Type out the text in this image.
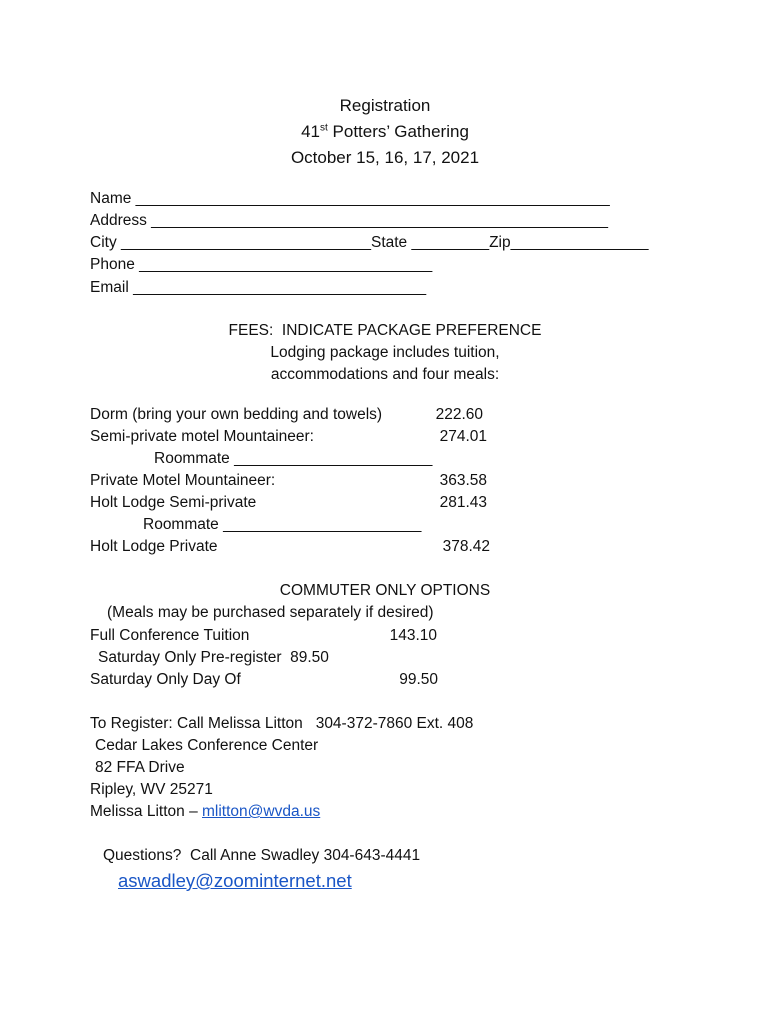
Registration
41st Potters’ Gathering
October 15, 16, 17, 2021
Name _______________________________________________________
Address _____________________________________________________
City _____________________________State _________Zip________________
Phone __________________________________
Email __________________________________
FEES:  INDICATE PACKAGE PREFERENCE
Lodging package includes tuition,
accommodations and four meals:
Dorm (bring your own bedding and towels)	222.60
Semi-private motel Mountaineer:	274.01
Roommate _______________________
Private Motel Mountaineer:	363.58
Holt Lodge Semi-private	281.43
Roommate _______________________
Holt Lodge Private	378.42
COMMUTER ONLY OPTIONS
(Meals may be purchased separately if desired)
Full Conference Tuition	143.10
Saturday Only Pre-register  89.50
Saturday Only Day Of	99.50
To Register: Call Melissa Litton   304-372-7860 Ext. 408
Cedar Lakes Conference Center
82 FFA Drive
Ripley, WV 25271
Melissa Litton – mlitton@wvda.us
Questions?  Call Anne Swadley 304-643-4441
aswadley@zoominternet.net
